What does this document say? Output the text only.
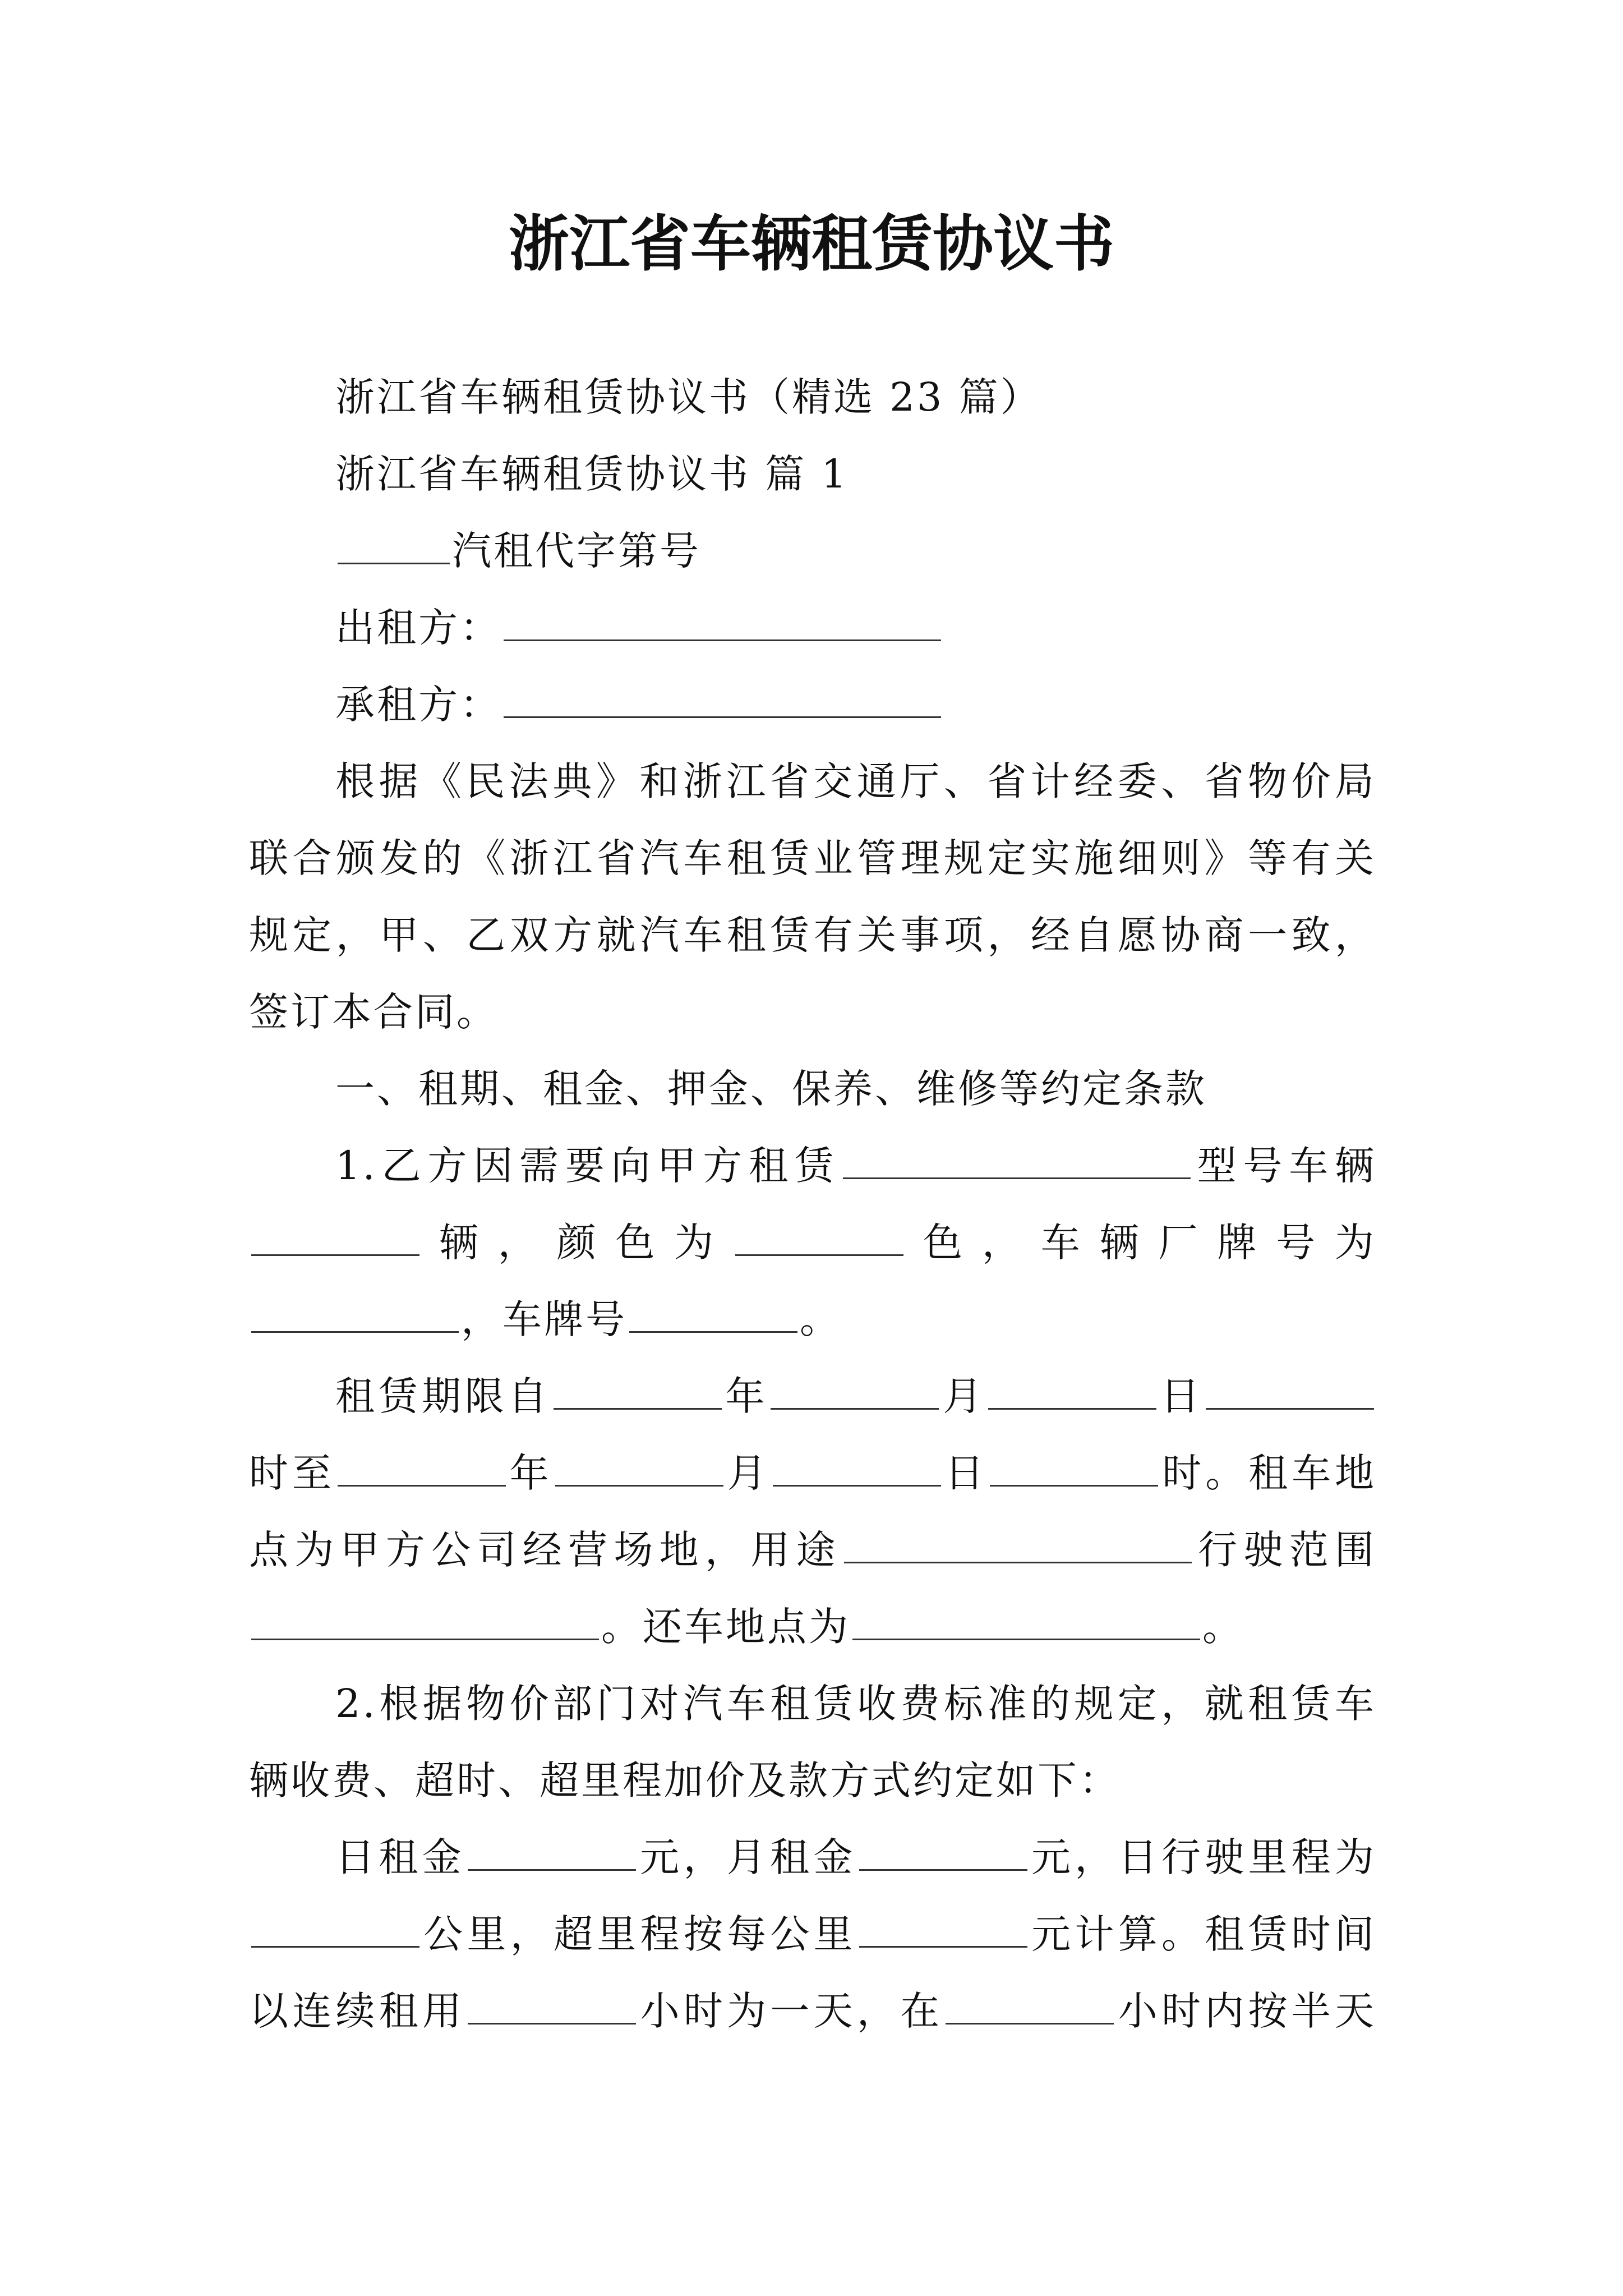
浙江省车辆租赁协议书
浙江省车辆租赁协议书（精选 23 篇）
浙江省车辆租赁协议书 篇 1
汽租代字第号
出租方：
承租方：
根据《民法典》和浙江省交通厅、省计经委、省物价局
联合颁发的《浙江省汽车租赁业管理规定实施细则》等有关
规定，甲、乙双方就汽车租赁有关事项，经自愿协商一致，
签订本合同。
一、租期、租金、押金、保养、维修等约定条款
1.乙方因需要向甲方租赁	型号车辆
辆，颜色为	色，车辆厂牌号为
，车牌号	。
租赁期限自	年	月	日
时至	年	月	日	时。租车地
点为甲方公司经营场地，用途	行驶范围
。还车地点为	。
2.根据物价部门对汽车租赁收费标准的规定，就租赁车
辆收费、超时、超里程加价及款方式约定如下：
日租金	元，月租金	元，日行驶里程为
公里，超里程按每公里	元计算。租赁时间
以连续租用	小时为一天，在	小时内按半天
